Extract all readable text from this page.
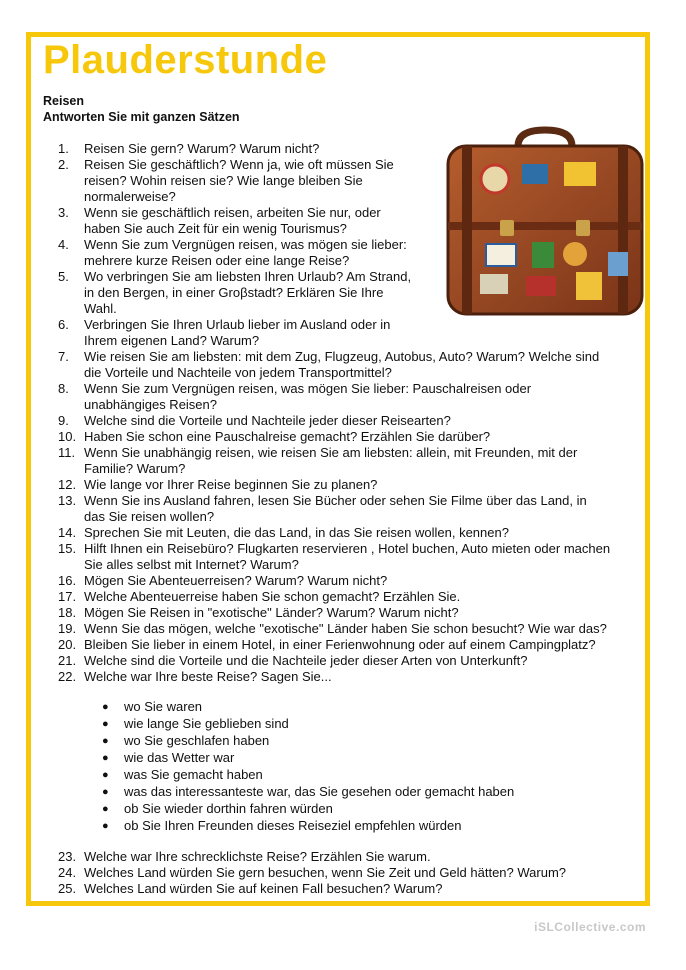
Plauderstunde
Reisen
Antworten Sie mit ganzen Sätzen
1.	Reisen Sie gern? Warum? Warum nicht?
2.	Reisen Sie geschäftlich? Wenn ja, wie oft müssen Sie
reisen? Wohin reisen sie? Wie lange bleiben Sie
normalerweise?
3.	Wenn sie geschäftlich reisen, arbeiten Sie nur, oder
haben Sie auch Zeit für ein wenig Tourismus?
4.	Wenn Sie zum Vergnügen reisen, was mögen sie lieber:
mehrere kurze Reisen oder eine lange Reise?
5.	Wo verbringen Sie am liebsten Ihren Urlaub? Am Strand,
in den Bergen, in einer Groβstadt? Erklären Sie Ihre
Wahl.
6.	Verbringen Sie Ihren Urlaub lieber im Ausland oder in
Ihrem eigenen Land? Warum?
7.	Wie reisen Sie am liebsten: mit dem Zug, Flugzeug, Autobus, Auto? Warum? Welche sind
die Vorteile und Nachteile von jedem Transportmittel?
8.	Wenn Sie zum Vergnügen reisen, was mögen Sie lieber: Pauschalreisen oder
unabhängiges Reisen?
9.	Welche sind die Vorteile und Nachteile jeder dieser Reisearten?
10. Haben Sie schon eine Pauschalreise gemacht? Erzählen Sie darüber?
11. Wenn Sie unabhängig reisen, wie reisen Sie am liebsten: allein, mit Freunden, mit der
Familie? Warum?
12. Wie lange vor Ihrer Reise beginnen Sie zu planen?
13. Wenn Sie ins Ausland fahren, lesen Sie Bücher oder sehen Sie Filme über das Land, in
das Sie reisen wollen?
14. Sprechen Sie mit Leuten, die das Land, in das Sie reisen wollen, kennen?
15. Hilft Ihnen ein Reisebüro? Flugkarten reservieren , Hotel buchen, Auto mieten oder machen
Sie alles selbst mit Internet? Warum?
16. Mögen Sie Abenteuerreisen? Warum? Warum nicht?
17. Welche Abenteuerreise haben Sie schon gemacht? Erzählen Sie.
18. Mögen Sie Reisen in "exotische" Länder? Warum? Warum nicht?
19. Wenn Sie das mögen, welche "exotische" Länder haben Sie schon besucht? Wie war das?
20. Bleiben Sie lieber in einem Hotel, in einer Ferienwohnung oder auf einem Campingplatz?
21. Welche sind die Vorteile und die Nachteile jeder dieser Arten von Unterkunft?
22. Welche war Ihre beste Reise? Sagen Sie...
●	wo Sie waren
●	wie lange Sie geblieben sind
●	wo Sie geschlafen haben
●	wie das Wetter war
●	was Sie gemacht haben
●	was das interessanteste war, das Sie gesehen oder gemacht haben
●	ob Sie wieder dorthin fahren würden
●	ob Sie Ihren Freunden dieses Reiseziel empfehlen würden
23. Welche war Ihre schrecklichste Reise? Erzählen Sie warum.
24. Welches Land würden Sie gern besuchen, wenn Sie Zeit und Geld hätten? Warum?
25. Welches Land würden Sie auf keinen Fall besuchen? Warum?
iSLCollective.com
